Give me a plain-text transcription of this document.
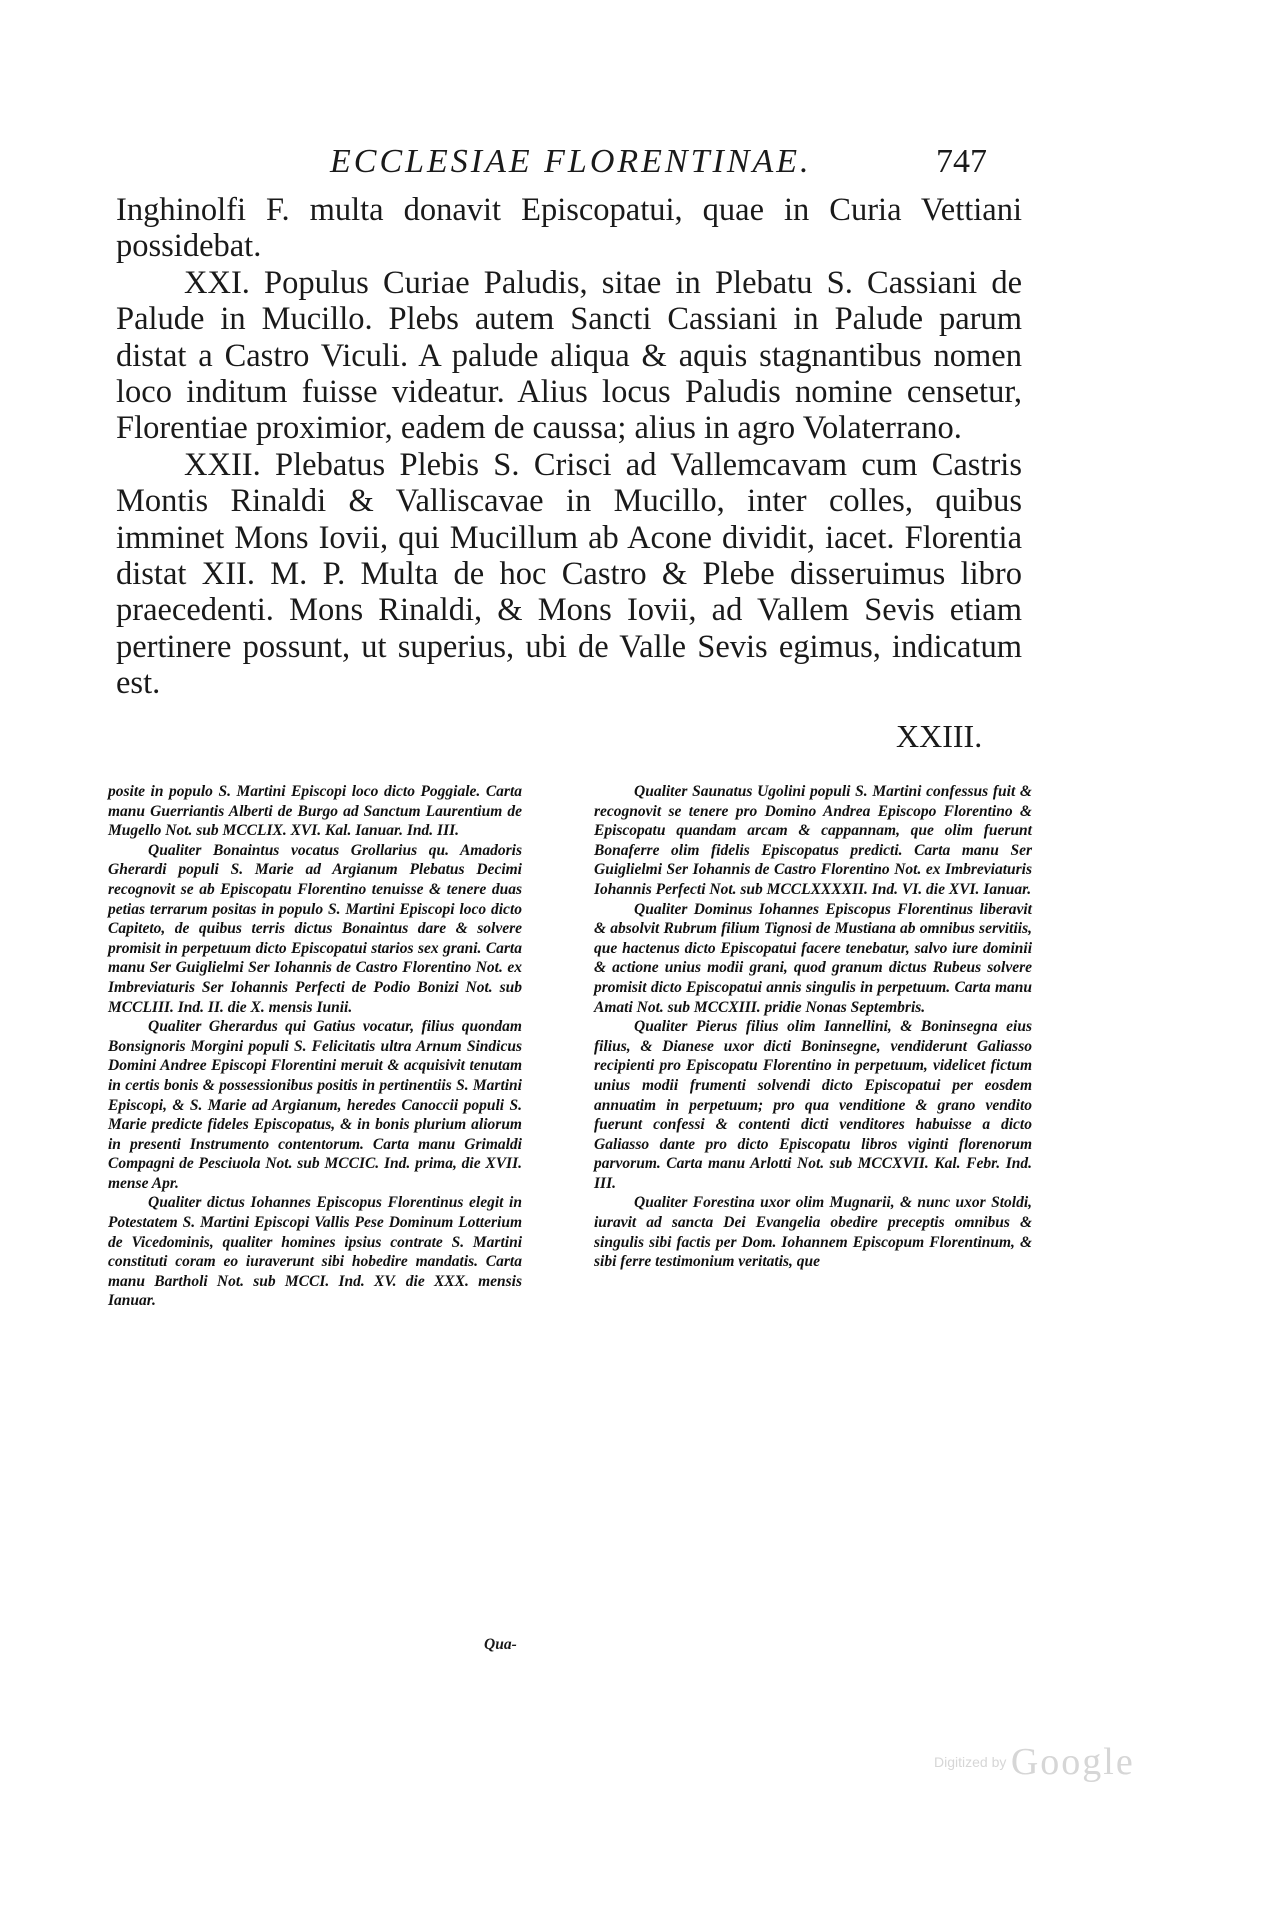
ECCLESIAE FLORENTINAE.	747

Inghinolfi F. multa donavit Episcopatui, quae in Curia Vettiani possidebat.

XXI. Populus Curiae Paludis, sitae in Plebatu S. Cassiani de Palude in Mucillo. Plebs autem Sancti Cassiani in Palude parum distat a Castro Viculi. A palude aliqua & aquis stagnantibus nomen loco inditum fuisse videatur. Alius locus Paludis nomine censetur, Florentiae proximior, eadem de caussa; alius in agro Volaterrano.

XXII. Plebatus Plebis S. Crisci ad Vallemcavam cum Castris Montis Rinaldi & Valliscavae in Mucillo, inter colles, quibus imminet Mons Iovii, qui Mucillum ab Acone dividit, iacet. Florentia distat XII. M. P. Multa de hoc Castro & Plebe disseruimus libro praecedenti. Mons Rinaldi, & Mons Iovii, ad Vallem Sevis etiam pertinere possunt, ut superius, ubi de Valle Sevis egimus, indicatum est.

XXIII.

posite in populo S. Martini Episcopi loco dicto Poggiale. Carta manu Guerriantis Alberti de Burgo ad Sanctum Laurentium de Mugello Not. sub MCCLIX. XVI. Kal. Ianuar. Ind. III.

Qualiter Bonaintus vocatus Grollarius qu. Amadoris Gherardi populi S. Marie ad Argianum Plebatus Decimi recognovit se ab Episcopatu Florentino tenuisse & tenere duas petias terrarum positas in populo S. Martini Episcopi loco dicto Capiteto, de quibus terris dictus Bonaintus dare & solvere promisit in perpetuum dicto Episcopatui starios sex grani. Carta manu Ser Guiglielmi Ser Iohannis de Castro Florentino Not. ex Imbreviaturis Ser Iohannis Perfecti de Podio Bonizi Not. sub MCCLIII. Ind. II. die X. mensis Iunii.

Qualiter Gherardus qui Gatius vocatur, filius quondam Bonsignoris Morgini populi S. Felicitatis ultra Arnum Sindicus Domini Andree Episcopi Florentini meruit & acquisivit tenutam in certis bonis & possessionibus positis in pertinentiis S. Martini Episcopi, & S. Marie ad Argianum, heredes Canoccii populi S. Marie predicte fideles Episcopatus, & in bonis plurium aliorum in presenti Instrumento contentorum. Carta manu Grimaldi Compagni de Pesciuola Not. sub MCCIC. Ind. prima, die XVII. mense Apr.

Qualiter dictus Iohannes Episcopus Florentinus elegit in Potestatem S. Martini Episcopi Vallis Pese Dominum Lotterium de Vicedominis, qualiter homines ipsius contrate S. Martini constituti coram eo iuraverunt sibi hobedire mandatis. Carta manu Bartholi Not. sub MCCI. Ind. XV. die XXX. mensis Ianuar.

Qualiter Saunatus Ugolini populi S. Martini confessus fuit & recognovit se tenere pro Domino Andrea Episcopo Florentino & Episcopatu quandam arcam & cappannam, que olim fuerunt Bonaferre olim fidelis Episcopatus predicti. Carta manu Ser Guiglielmi Ser Iohannis de Castro Florentino Not. ex Imbreviaturis Iohannis Perfecti Not. sub MCCLXXXXII. Ind. VI. die XVI. Ianuar.

Qualiter Dominus Iohannes Episcopus Florentinus liberavit & absolvit Rubrum filium Tignosi de Mustiana ab omnibus servitiis, que hactenus dicto Episcopatui facere tenebatur, salvo iure dominii & actione unius modii grani, quod granum dictus Rubeus solvere promisit dicto Episcopatui annis singulis in perpetuum. Carta manu Amati Not. sub MCCXIII. pridie Nonas Septembris.

Qualiter Pierus filius olim Iannellini, & Boninsegna eius filius, & Dianese uxor dicti Boninsegne, vendiderunt Galiasso recipienti pro Episcopatu Florentino in perpetuum, videlicet fictum unius modii frumenti solvendi dicto Episcopatui per eosdem annuatim in perpetuum; pro qua venditione & grano vendito fuerunt confessi & contenti dicti venditores habuisse a dicto Galiasso dante pro dicto Episcopatu libros viginti florenorum parvorum. Carta manu Arlotti Not. sub MCCXVII. Kal. Febr. Ind. III.

Qualiter Forestina uxor olim Mugnarii, & nunc uxor Stoldi, iuravit ad sancta Dei Evangelia obedire preceptis omnibus & singulis sibi factis per Dom. Iohannem Episcopum Florentinum, & sibi ferre testimonium veritatis, que

Qua-
Digitized by Google
